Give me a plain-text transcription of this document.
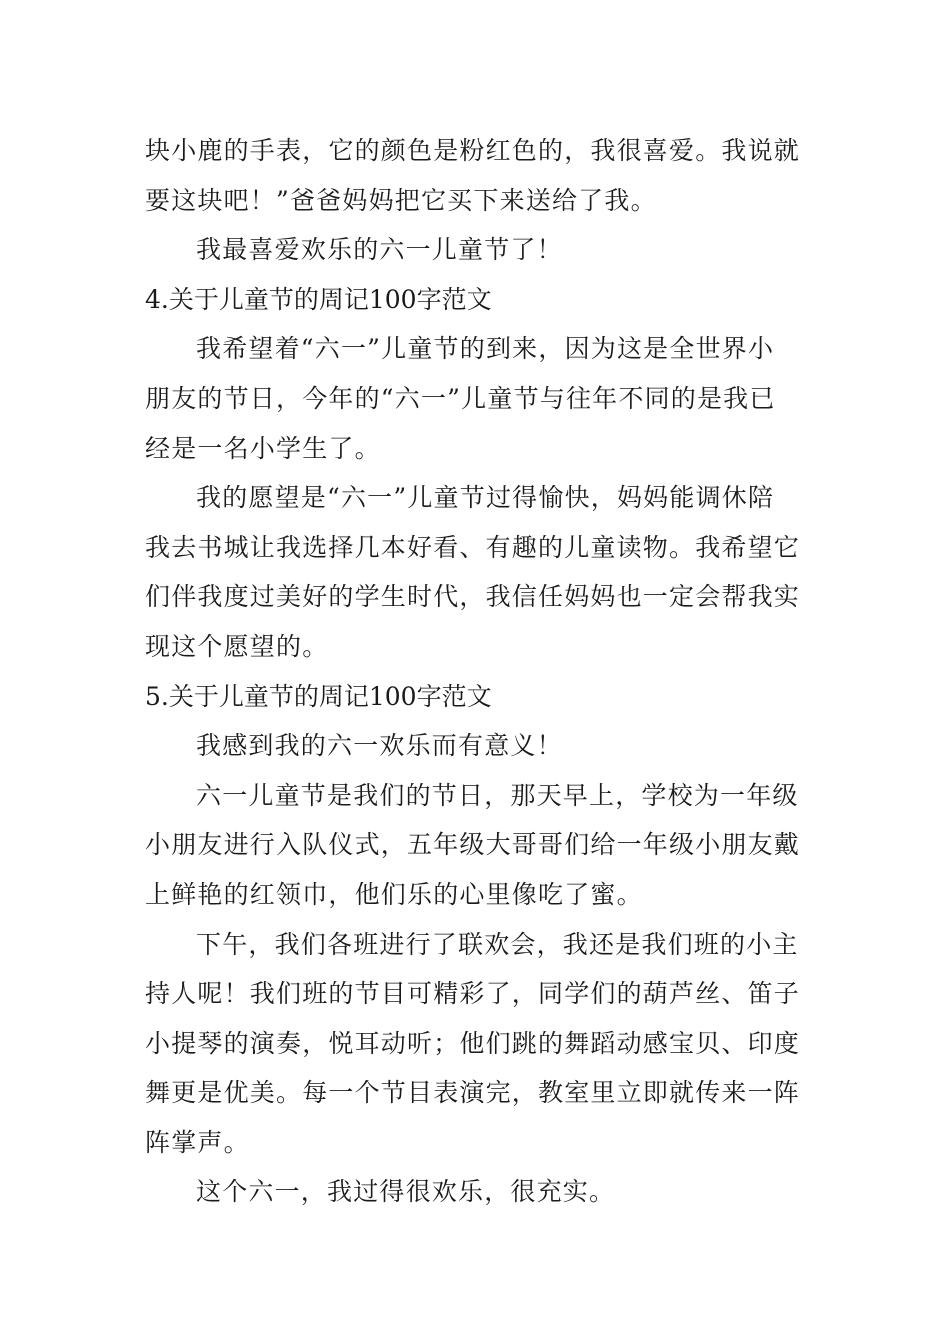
块小鹿的手表，它的颜色是粉红色的，我很喜爱。我说就
要这块吧！”爸爸妈妈把它买下来送给了我。
我最喜爱欢乐的六一儿童节了！
4.关于儿童节的周记100字范文
我希望着“六一”儿童节的到来，因为这是全世界小
朋友的节日，今年的“六一”儿童节与往年不同的是我已
经是一名小学生了。
我的愿望是“六一”儿童节过得愉快，妈妈能调休陪
我去书城让我选择几本好看、有趣的儿童读物。我希望它
们伴我度过美好的学生时代，我信任妈妈也一定会帮我实
现这个愿望的。
5.关于儿童节的周记100字范文
我感到我的六一欢乐而有意义！
六一儿童节是我们的节日，那天早上，学校为一年级
小朋友进行入队仪式，五年级大哥哥们给一年级小朋友戴
上鲜艳的红领巾，他们乐的心里像吃了蜜。
下午，我们各班进行了联欢会，我还是我们班的小主
持人呢！我们班的节目可精彩了，同学们的葫芦丝、笛子
小提琴的演奏，悦耳动听；他们跳的舞蹈动感宝贝、印度
舞更是优美。每一个节目表演完，教室里立即就传来一阵
阵掌声。
这个六一，我过得很欢乐，很充实。
